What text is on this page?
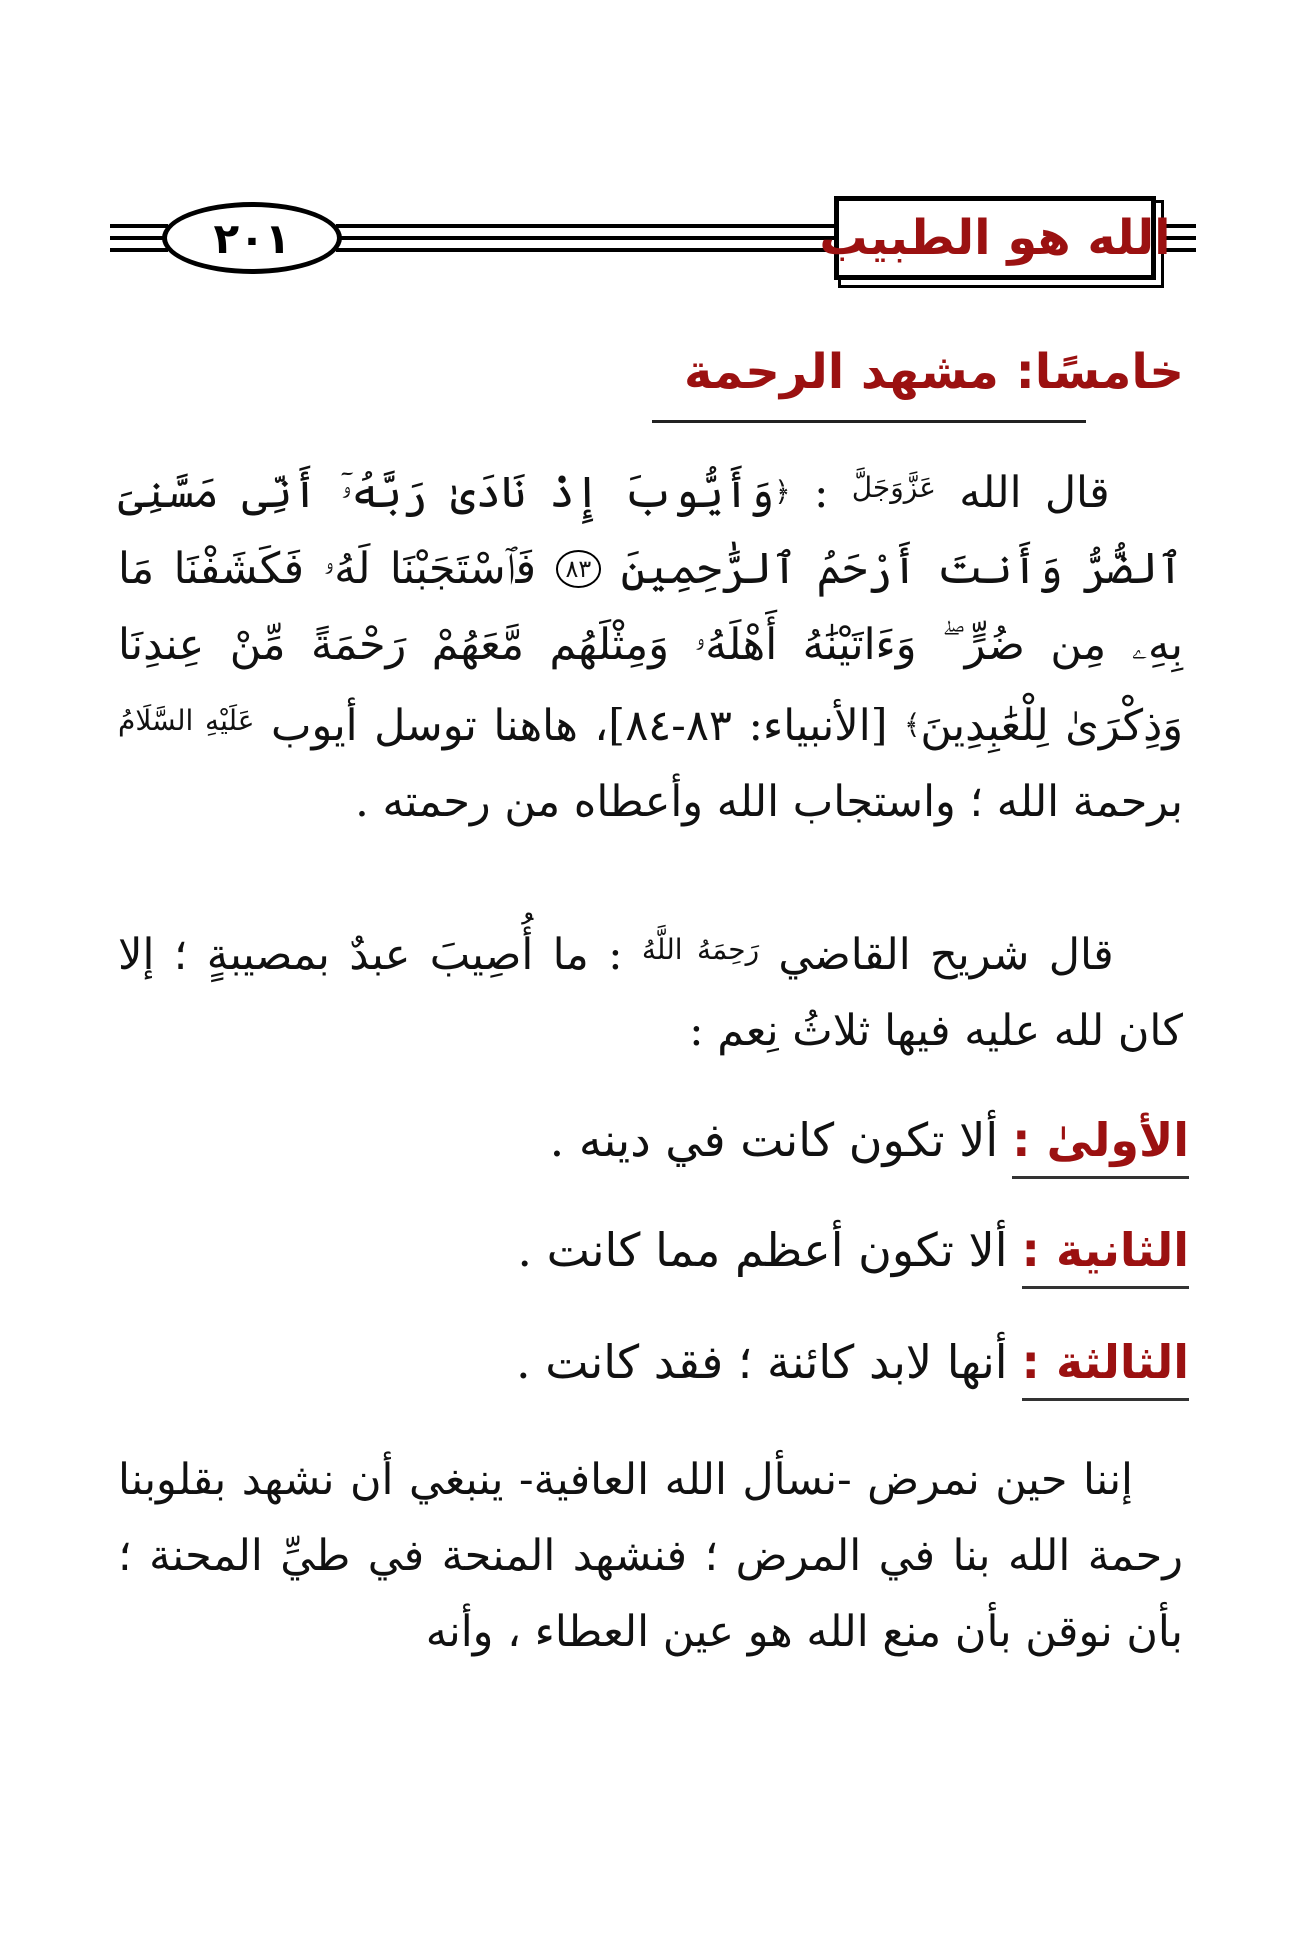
٢٠١	الله هو الطبيب
خامسًا: مشهد الرحمة

قال الله $^{عَزَّوَجَلَّ}$ : ﴿وَأَيُّوبَ إِذْ نَادَىٰ رَبَّهُۥٓ أَنِّى مَسَّنِىَ ٱلضُّرُّ وَأَنتَ أَرْحَمُ ٱلرَّٰحِمِينَ ٨٣ فَٱسْتَجَبْنَا لَهُۥ فَكَشَفْنَا مَا بِهِۦ مِن ضُرٍّ ۖ وَءَاتَيْنَٰهُ أَهْلَهُۥ وَمِثْلَهُم مَّعَهُمْ رَحْمَةً مِّنْ عِندِنَا وَذِكْرَىٰ لِلْعَٰبِدِينَ﴾ [الأنبياء: ٨٣-٨٤]، هاهنا توسل أيوب $^{عَلَيْهِ السَّلَامُ}$ برحمة الله ؛ واستجاب الله وأعطاه من رحمته .

قال شريح القاضي $^{رَحِمَهُ اللَّهُ}$ : ما أُصِيبَ عبدٌ بمصيبةٍ ؛ إلا كان لله عليه فيها ثلاثُ نِعم :

الأولىٰ :ألا تكون كانت في دينه .
الثانية :ألا تكون أعظم مما كانت .
الثالثة :أنها لابد كائنة ؛ فقد كانت .

إننا حين نمرض -نسأل الله العافية- ينبغي أن نشهد بقلوبنا رحمة الله بنا في المرض ؛ فنشهد المنحة في طيِّ المحنة ؛ بأن نوقن بأن منع الله هو عين العطاء ، وأنه
